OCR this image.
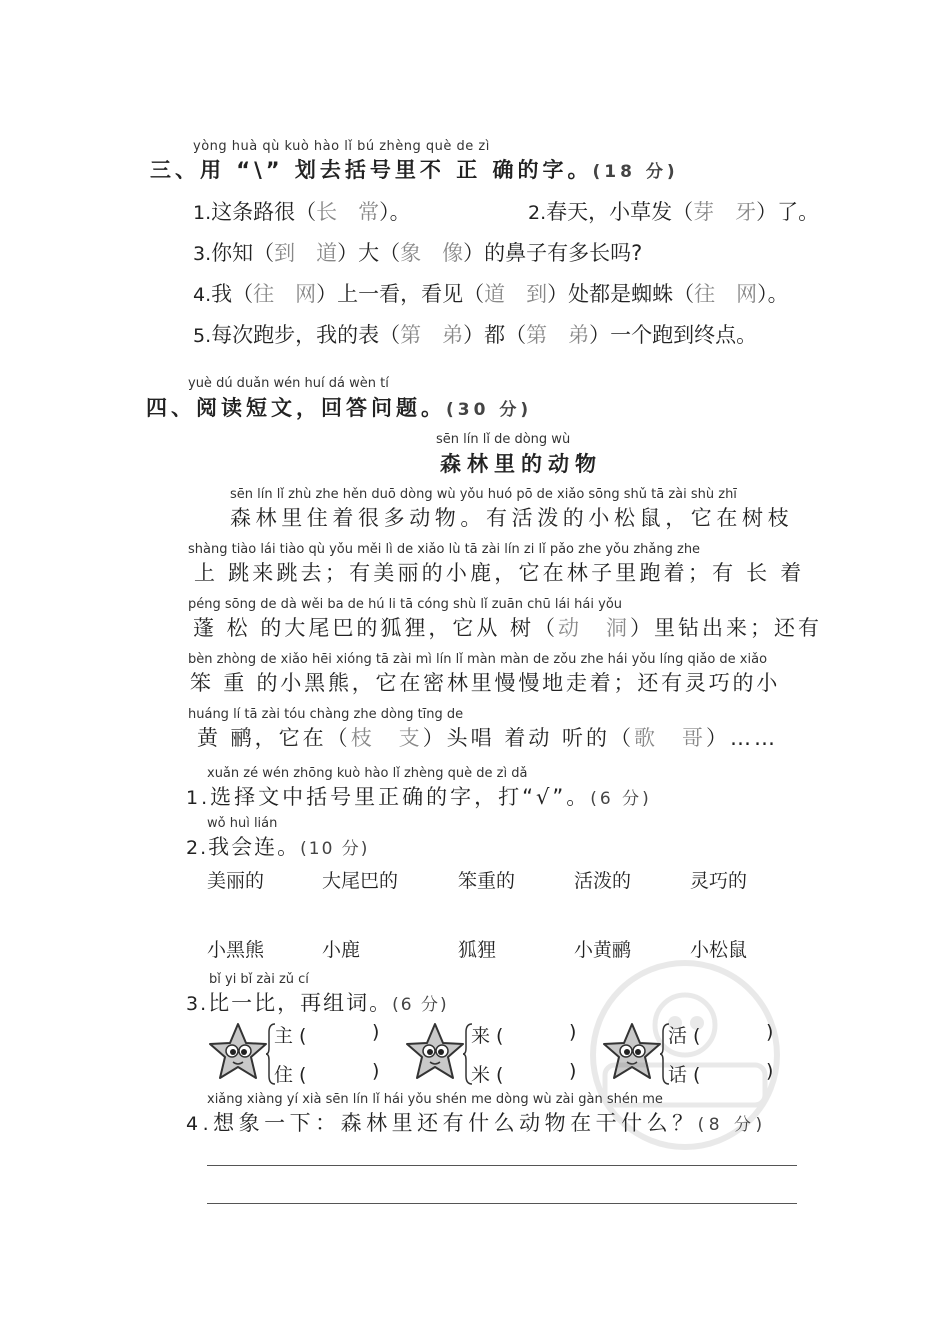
yòng huà qù kuò hào lǐ bú zhèng què de zì
三、用 “\” 划去括号里不 正 确的字。(18 分)
1.这条路很（长　常）。	2.春天，小草发（芽　牙）了。
3.你知（到　道）大（象　像）的鼻子有多长吗?
4.我（往　网）上一看，看见（道　到）处都是蜘蛛（往　网）。
5.每次跑步，我的表（第　弟）都（第　弟）一个跑到终点。
yuè dú duǎn wén huí dá wèn tí
四、阅读短文，回答问题。(30 分)
sēn lín lǐ de dòng wù
森林里的动物
sēn lín lǐ zhù zhe hěn duō dòng wù yǒu huó pō de xiǎo sōng shǔ tā zài shù zhī
森林里住着很多动物。有活泼的小松鼠，它在树枝
shàng tiào lái tiào qù yǒu měi lì de xiǎo lù tā zài lín zi lǐ pǎo zhe yǒu zhǎng zhe
上 跳来跳去；有美丽的小鹿，它在林子里跑着；有 长 着
péng sōng de dà wěi ba de hú li tā cóng shù lǐ zuān chū lái hái yǒu
蓬 松 的大尾巴的狐狸，它从 树（动　洞）里钻出来；还有
bèn zhòng de xiǎo hēi xióng tā zài mì lín lǐ màn màn de zǒu zhe hái yǒu líng qiǎo de xiǎo
笨 重 的小黑熊，它在密林里慢慢地走着；还有灵巧的小
huáng lí tā zài tóu chàng zhe dòng tīng de
黄 鹂，它在（枝　支）头唱 着动 听的（歌　哥）……
xuǎn zé wén zhōng kuò hào lǐ zhèng què de zì dǎ
1.选择文中括号里正确的字，打“√”。(6 分)
wǒ huì lián
2.我会连。(10 分)
美丽的	大尾巴的	笨重的	活泼的	灵巧的
小黑熊	小鹿	狐狸	小黄鹂	小松鼠
bǐ yi bǐ zài zǔ cí
3.比一比，再组词。(6 分)
主 (	)
住 (	)
来 (	)
米 (	)
活 (	)
话 (	)
xiǎng xiàng yí xià sēn lín lǐ hái yǒu shén me dòng wù zài gàn shén me
4.想象一下：森林里还有什么动物在干什么？(8 分)
